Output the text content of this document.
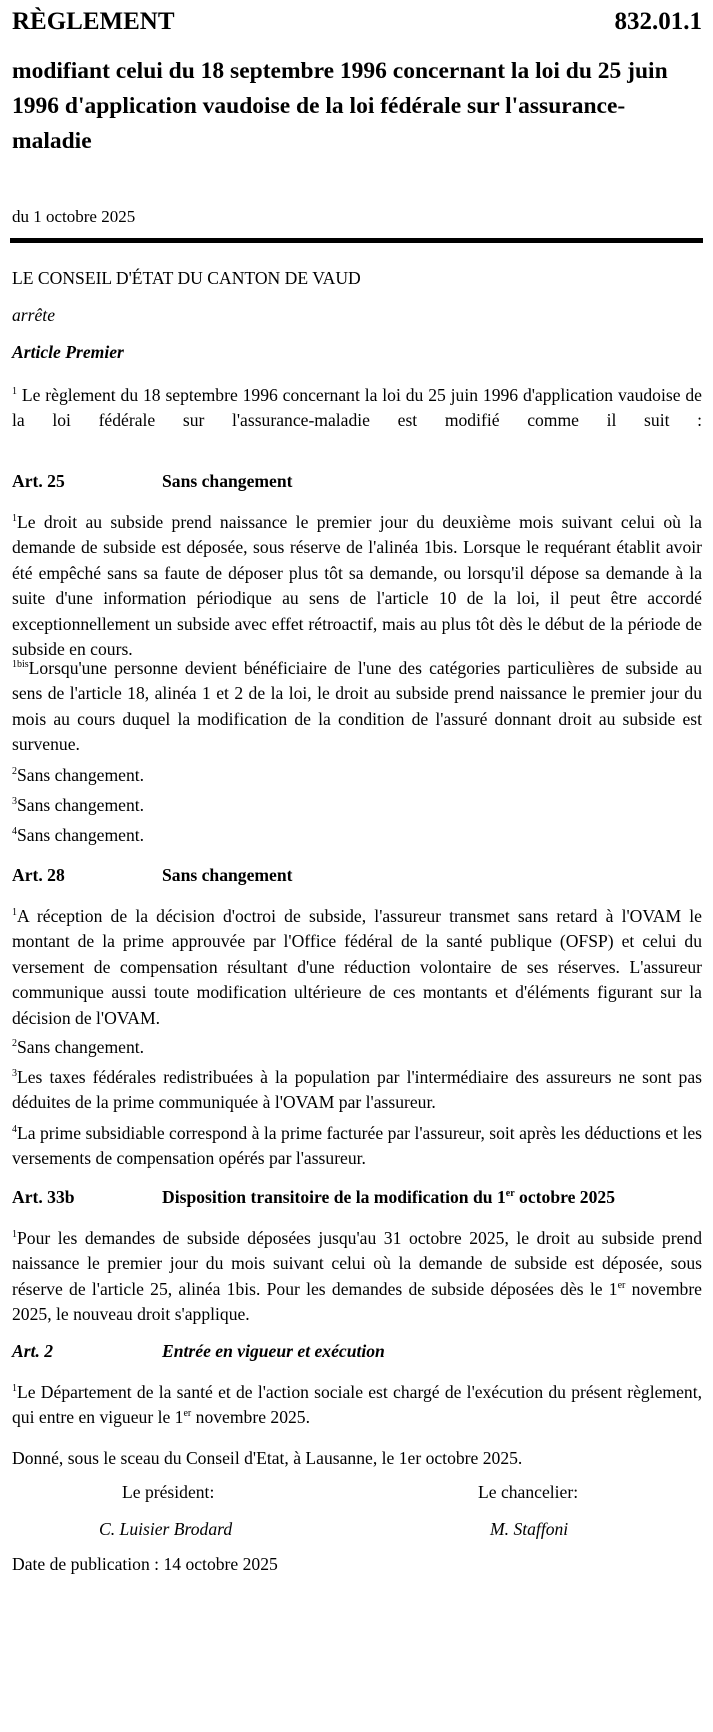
RÈGLEMENT	832.01.1
modifiant celui du 18 septembre 1996 concernant la loi du 25 juin 1996 d'application vaudoise de la loi fédérale sur l'assurance-maladie
du 1 octobre 2025
LE CONSEIL D'ÉTAT DU CANTON DE VAUD
arrête
Article Premier
$^1$ Le règlement du 18 septembre 1996 concernant la loi du 25 juin 1996 d'application vaudoise de la loi fédérale sur l'assurance-maladie est modifié comme il suit :
Art. 25	Sans changement
$^1$Le droit au subside prend naissance le premier jour du deuxième mois suivant celui où la demande de subside est déposée, sous réserve de l'alinéa 1bis. Lorsque le requérant établit avoir été empêché sans sa faute de déposer plus tôt sa demande, ou lorsqu'il dépose sa demande à la suite d'une information périodique au sens de l'article 10 de la loi, il peut être accordé exceptionnellement un subside avec effet rétroactif, mais au plus tôt dès le début de la période de subside en cours.
$^{1bis}$Lorsqu'une personne devient bénéficiaire de l'une des catégories particulières de subside au sens de l'article 18, alinéa 1 et 2 de la loi, le droit au subside prend naissance le premier jour du mois au cours duquel la modification de la condition de l'assuré donnant droit au subside est survenue.
$^2$Sans changement.
$^3$Sans changement.
$^4$Sans changement.
Art. 28	Sans changement
$^1$A réception de la décision d'octroi de subside, l'assureur transmet sans retard à l'OVAM le montant de la prime approuvée par l'Office fédéral de la santé publique (OFSP) et celui du versement de compensation résultant d'une réduction volontaire de ses réserves. L'assureur communique aussi toute modification ultérieure de ces montants et d'éléments figurant sur la décision de l'OVAM.
$^2$Sans changement.
$^3$Les taxes fédérales redistribuées à la population par l'intermédiaire des assureurs ne sont pas déduites de la prime communiquée à l'OVAM par l'assureur.
$^4$La prime subsidiable correspond à la prime facturée par l'assureur, soit après les déductions et les versements de compensation opérés par l'assureur.
Art. 33b	Disposition transitoire de la modification du 1er octobre 2025
$^1$Pour les demandes de subside déposées jusqu'au 31 octobre 2025, le droit au subside prend naissance le premier jour du mois suivant celui où la demande de subside est déposée, sous réserve de l'article 25, alinéa 1bis. Pour les demandes de subside déposées dès le 1er novembre 2025, le nouveau droit s'applique.
Art. 2	Entrée en vigueur et exécution
$^1$Le Département de la santé et de l'action sociale est chargé de l'exécution du présent règlement, qui entre en vigueur le 1er novembre 2025.
Donné, sous le sceau du Conseil d'Etat, à Lausanne, le 1er octobre 2025.
Le président:	Le chancelier:
C. Luisier Brodard	M. Staffoni
Date de publication : 14 octobre 2025
